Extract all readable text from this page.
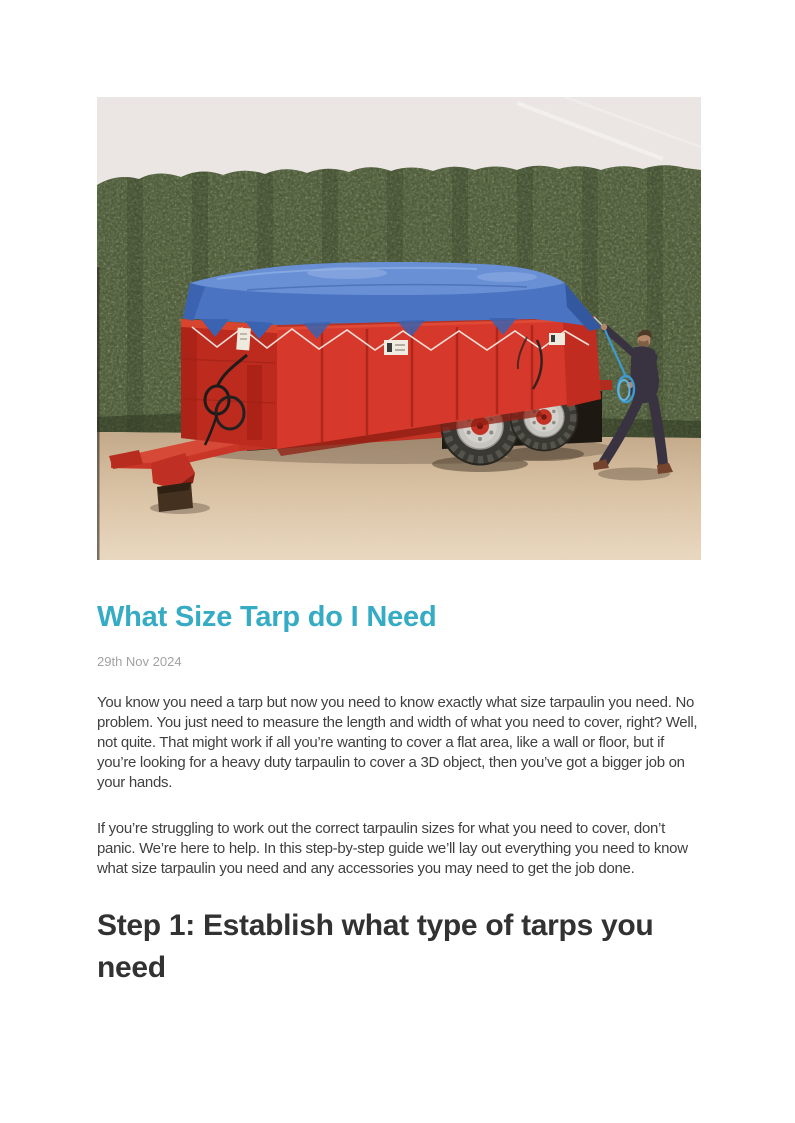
What Size Tarp do I Need
29th Nov 2024

You know you need a tarp but now you need to know exactly what size tarpaulin you need. No problem. You just need to measure the length and width of what you need to cover, right? Well, not quite. That might work if all you’re wanting to cover a flat area, like a wall or floor, but if you’re looking for a heavy duty tarpaulin to cover a 3D object, then you’ve got a bigger job on your hands.

If you’re struggling to work out the correct tarpaulin sizes for what you need to cover, don’t panic. We’re here to help. In this step-by-step guide we’ll lay out everything you need to know what size tarpaulin you need and any accessories you may need to get the job done.

Step 1: Establish what type of tarps you need
